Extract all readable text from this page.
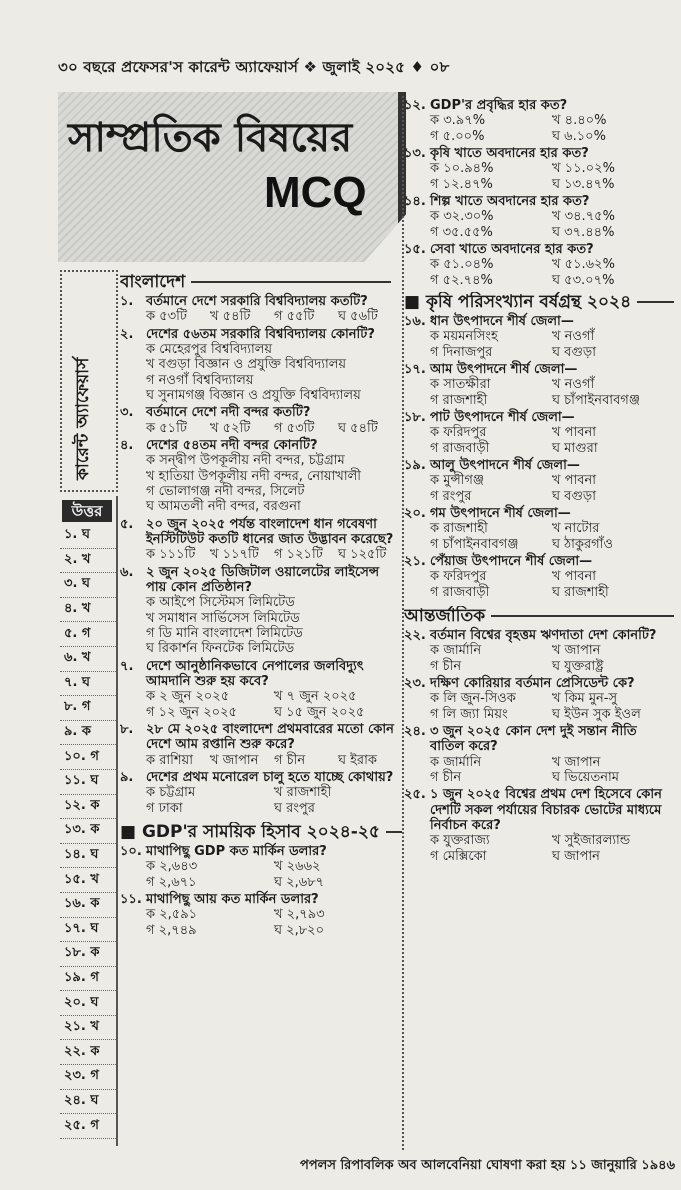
৩০ বছরে প্রফেসর'স কারেন্ট অ্যাফেয়ার্স ❖ জুলাই ২০২৫ ♦ ০৮
সাম্প্রতিক বিষয়ের
MCQ
কারেন্ট অ্যাফেয়ার্স
উত্তর
১. ঘ
২. খ
৩. ঘ
৪. খ
৫. গ
৬. খ
৭. ঘ
৮. গ
৯. ক
১০. গ
১১. ঘ
১২. ক
১৩. ক
১৪. ঘ
১৫. খ
১৬. ক
১৭. ঘ
১৮. ক
১৯. গ
২০. ঘ
২১. খ
২২. ক
২৩. গ
২৪. ঘ
২৫. গ
বাংলাদেশ
১. বর্তমানে দেশে সরকারি বিশ্ববিদ্যালয় কতটি?
ক ৫৩টি	খ ৫৪টি	গ ৫৫টি	ঘ ৫৬টি
২. দেশের ৫৬তম সরকারি বিশ্ববিদ্যালয় কোনটি?
ক মেহেরপুর বিশ্ববিদ্যালয়
খ বগুড়া বিজ্ঞান ও প্রযুক্তি বিশ্ববিদ্যালয়
গ নওগাঁ বিশ্ববিদ্যালয়
ঘ সুনামগঞ্জ বিজ্ঞান ও প্রযুক্তি বিশ্ববিদ্যালয়
৩. বর্তমানে দেশে নদী বন্দর কতটি?
ক ৫১টি	খ ৫২টি	গ ৫৩টি	ঘ ৫৪টি
৪. দেশের ৫৪তম নদী বন্দর কোনটি?
ক সন্দ্বীপ উপকূলীয় নদী বন্দর, চট্টগ্রাম
খ হাতিয়া উপকূলীয় নদী বন্দর, নোয়াখালী
গ ভোলাগঞ্জ নদী বন্দর, সিলেট
ঘ আমতলী নদী বন্দর, বরগুনা
৫. ২০ জুন ২০২৫ পর্যন্ত বাংলাদেশ ধান গবেষণা ইনস্টিটিউট কতটি ধানের জাত উদ্ভাবন করেছে?
ক ১১১টি	খ ১১৭টি	গ ১২১টি	ঘ ১২৫টি
৬. ২ জুন ২০২৫ ডিজিটাল ওয়ালেটের লাইসেন্স পায় কোন প্রতিষ্ঠান?
ক আইপে সিস্টেমস লিমিটেড
খ সমাধান সার্ভিসেস লিমিটেড
গ ডি মানি বাংলাদেশ লিমিটেড
ঘ রিকার্শন ফিনটেক লিমিটেড
৭. দেশে আনুষ্ঠানিকভাবে নেপালের জলবিদ্যুৎ আমদানি শুরু হয় কবে?
ক ২ জুন ২০২৫	খ ৭ জুন ২০২৫
গ ১২ জুন ২০২৫	ঘ ১৫ জুন ২০২৫
৮. ২৮ মে ২০২৫ বাংলাদেশ প্রথমবারের মতো কোন দেশে আম রপ্তানি শুরু করে?
ক রাশিয়া	খ জাপান	গ চীন	ঘ ইরাক
৯. দেশের প্রথম মনোরেল চালু হতে যাচ্ছে কোথায়?
ক চট্টগ্রাম	খ রাজশাহী
গ ঢাকা	ঘ রংপুর
■ GDP'র সাময়িক হিসাব ২০২৪-২৫
১০. মাথাপিছু GDP কত মার্কিন ডলার?
ক ২,৬৪৩	খ ২৬৬২
গ ২,৬৭১	ঘ ২,৬৮৭
১১. মাথাপিছু আয় কত মার্কিন ডলার?
ক ২,৫৯১	খ ২,৭৯৩
গ ২,৭৪৯	ঘ ২,৮২০
১২. GDP'র প্রবৃদ্ধির হার কত?
ক ৩.৯৭%	খ ৪.৪০%
গ ৫.০০%	ঘ ৬.১০%
১৩. কৃষি খাতে অবদানের হার কত?
ক ১০.৯৪%	খ ১১.০২%
গ ১২.৪৭%	ঘ ১৩.৪৭%
১৪. শিল্প খাতে অবদানের হার কত?
ক ৩২.৩০%	খ ৩৪.৭৫%
গ ৩৫.৫৫%	ঘ ৩৭.৪৪%
১৫. সেবা খাতে অবদানের হার কত?
ক ৫১.০৪%	খ ৫১.৬২%
গ ৫২.৭৪%	ঘ ৫৩.০৭%
■ কৃষি পরিসংখ্যান বর্ষগ্রন্থ ২০২৪
১৬. ধান উৎপাদনে শীর্ষ জেলা—
ক ময়মনসিংহ	খ নওগাঁ
গ দিনাজপুর	ঘ বগুড়া
১৭. আম উৎপাদনে শীর্ষ জেলা—
ক সাতক্ষীরা	খ নওগাঁ
গ রাজশাহী	ঘ চাঁপাইনবাবগঞ্জ
১৮. পাট উৎপাদনে শীর্ষ জেলা—
ক ফরিদপুর	খ পাবনা
গ রাজবাড়ী	ঘ মাগুরা
১৯. আলু উৎপাদনে শীর্ষ জেলা—
ক মুন্সীগঞ্জ	খ পাবনা
গ রংপুর	ঘ বগুড়া
২০. গম উৎপাদনে শীর্ষ জেলা—
ক রাজশাহী	খ নাটোর
গ চাঁপাইনবাবগঞ্জ	ঘ ঠাকুরগাঁও
২১. পেঁয়াজ উৎপাদনে শীর্ষ জেলা—
ক ফরিদপুর	খ পাবনা
গ রাজবাড়ী	ঘ রাজশাহী
আন্তর্জাতিক
২২. বর্তমান বিশ্বের বৃহত্তম ঋণদাতা দেশ কোনটি?
ক জার্মানি	খ জাপান
গ চীন	ঘ যুক্তরাষ্ট্র
২৩. দক্ষিণ কোরিয়ার বর্তমান প্রেসিডেন্ট কে?
ক লি জুন-সিওক	খ কিম মুন-সু
গ লি জ্যা মিয়ং	ঘ ইউন সুক ইওল
২৪. ৩ জুন ২০২৫ কোন দেশ দুই সন্তান নীতি বাতিল করে?
ক জার্মানি	খ জাপান
গ চীন	ঘ ভিয়েতনাম
২৫. ১ জুন ২০২৫ বিশ্বের প্রথম দেশ হিসেবে কোন দেশটি সকল পর্যায়ের বিচারক ভোটের মাধ্যমে নির্বাচন করে?
ক যুক্তরাজ্য	খ সুইজারল্যান্ড
গ মেক্সিকো	ঘ জাপান
পপলস রিপাবলিক অব আলবেনিয়া ঘোষণা করা হয় ১১ জানুয়ারি ১৯৪৬
